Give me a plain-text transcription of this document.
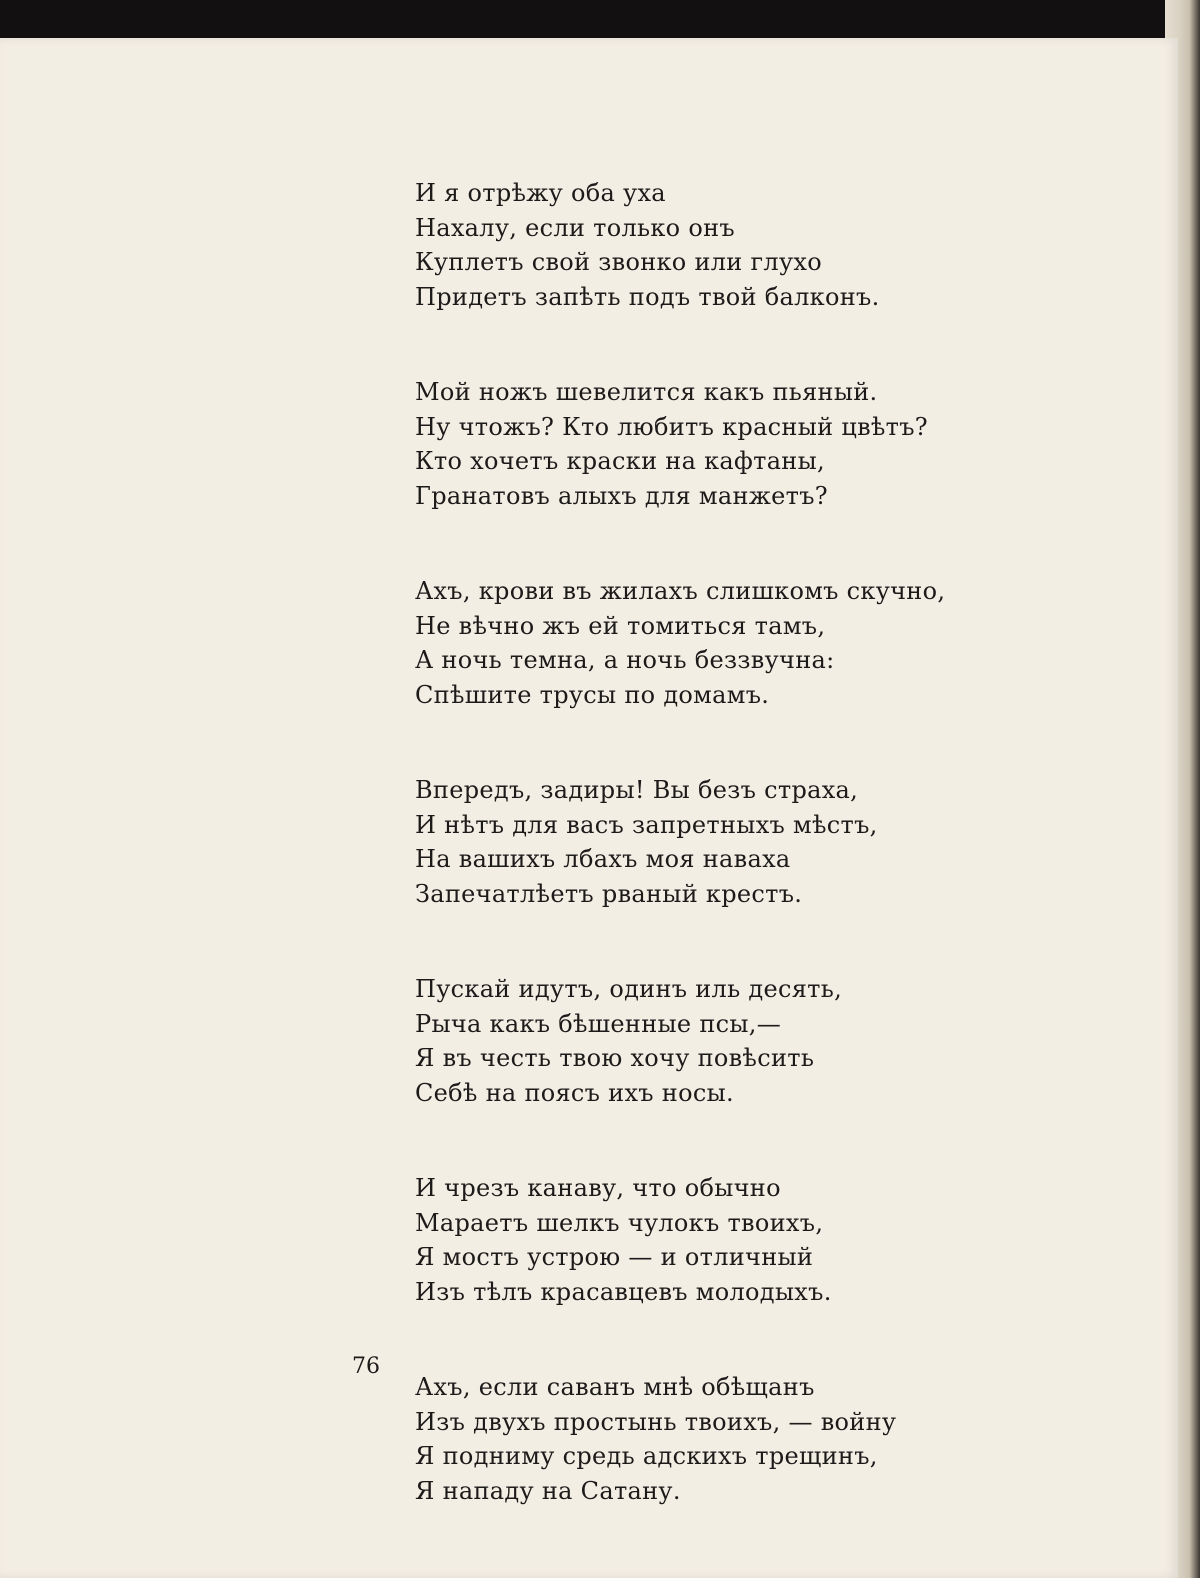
И я отрѣжу оба уха
Нахалу, если только онъ
Куплетъ свой звонко или глухо
Придетъ запѣть подъ твой балконъ.
Мой ножъ шевелится какъ пьяный.
Ну чтожъ? Кто любитъ красный цвѣтъ?
Кто хочетъ краски на кафтаны,
Гранатовъ алыхъ для манжетъ?
Ахъ, крови въ жилахъ слишкомъ скучно,
Не вѣчно жъ ей томиться тамъ,
А ночь темна, а ночь беззвучна:
Спѣшите трусы по домамъ.
Впередъ, задиры! Вы безъ страха,
И нѣтъ для васъ запретныхъ мѣстъ,
На вашихъ лбахъ моя наваха
Запечатлѣетъ рваный крестъ.
Пускай идутъ, одинъ иль десять,
Рыча какъ бѣшенные псы,—
Я въ честь твою хочу повѣсить
Себѣ на поясъ ихъ носы.
И чрезъ канаву, что обычно
Мараетъ шелкъ чулокъ твоихъ,
Я мостъ устрою — и отличный
Изъ тѣлъ красавцевъ молодыхъ.
Ахъ, если саванъ мнѣ обѣщанъ
Изъ двухъ простынь твоихъ, — войну
Я подниму средь адскихъ трещинъ,
Я нападу на Сатану.
76
